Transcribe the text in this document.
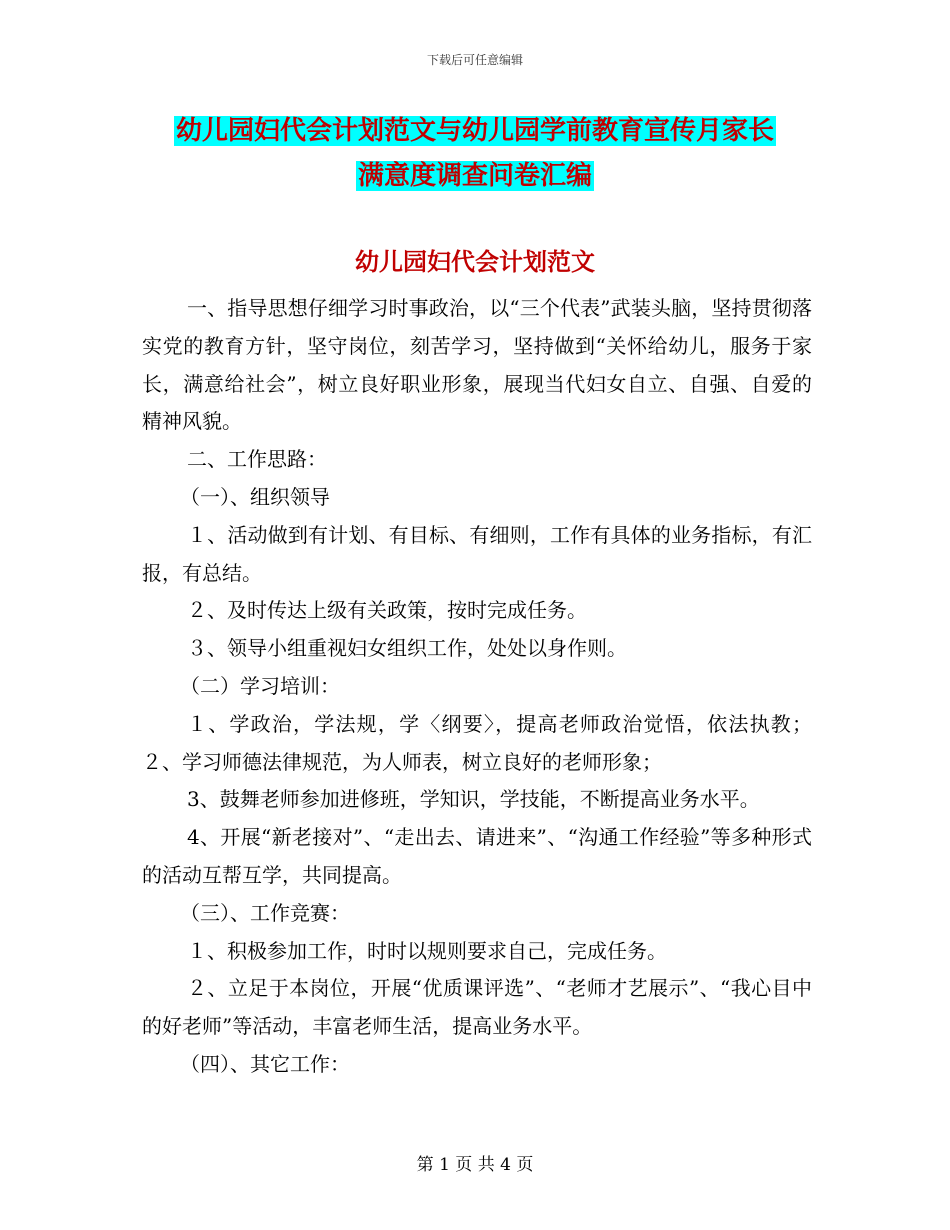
下载后可任意编辑
幼儿园妇代会计划范文与幼儿园学前教育宣传月家长
满意度调查问卷汇编
幼儿园妇代会计划范文

一、指导思想仔细学习时事政治，以“三个代表”武装头脑，坚持贯彻落实党的教育方针，坚守岗位，刻苦学习，坚持做到“关怀给幼儿，服务于家长，满意给社会”，树立良好职业形象，展现当代妇女自立、自强、自爱的精神风貌。

二、工作思路：

（一）、组织领导

１、活动做到有计划、有目标、有细则，工作有具体的业务指标，有汇报，有总结。

２、及时传达上级有关政策，按时完成任务。

３、领导小组重视妇女组织工作，处处以身作则。

（二）学习培训：

１、学政治，学法规，学〈纲要〉，提高老师政治觉悟，依法执教；２、学习师德法律规范，为人师表，树立良好的老师形象；

3、鼓舞老师参加进修班，学知识，学技能，不断提高业务水平。

4、开展“新老接对”、“走出去、请进来”、“沟通工作经验”等多种形式的活动互帮互学，共同提高。

（三）、工作竞赛：

１、积极参加工作，时时以规则要求自己，完成任务。

２、立足于本岗位，开展“优质课评选”、“老师才艺展示”、“我心目中的好老师”等活动，丰富老师生活，提高业务水平。

（四）、其它工作：

第 1 页 共 4 页
